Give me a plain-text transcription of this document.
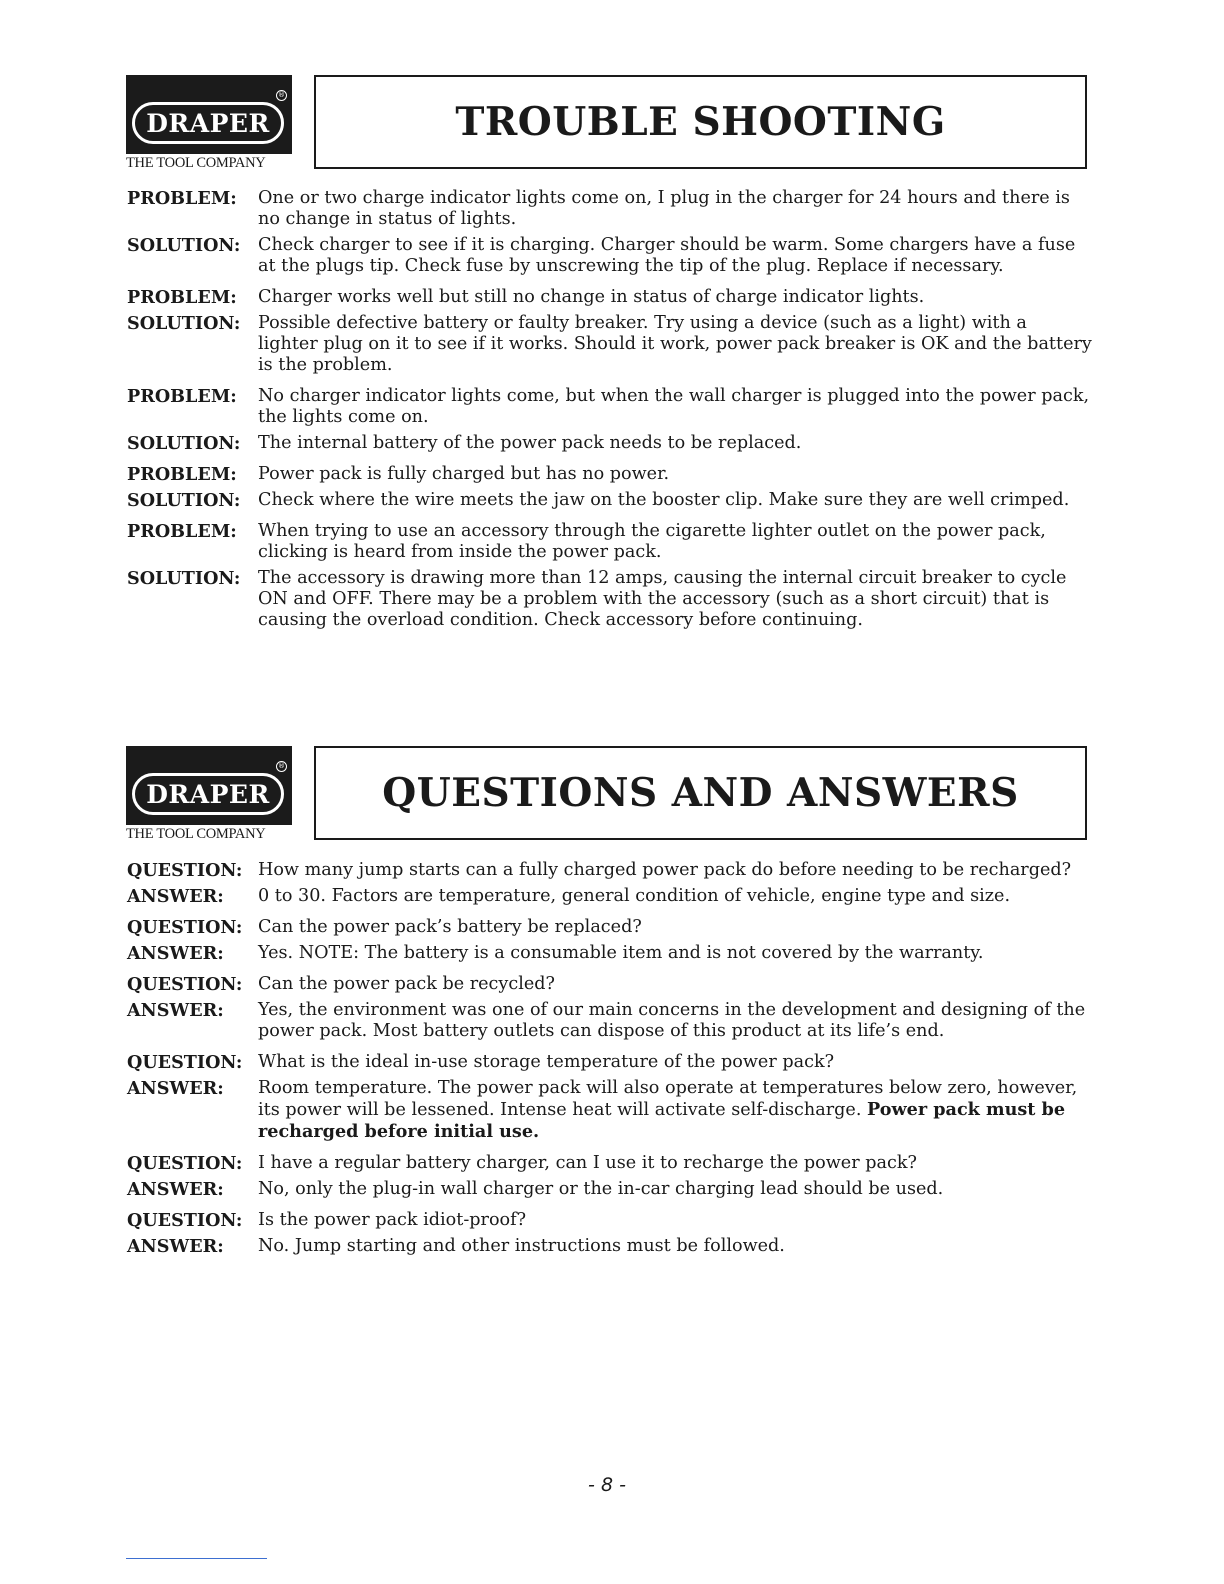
DRAPER
®
THE TOOL COMPANY
TROUBLE SHOOTING
PROBLEM:	One or two charge indicator lights come on, I plug in the charger for 24 hours and there is no change in status of lights.
SOLUTION:	Check charger to see if it is charging. Charger should be warm. Some chargers have a fuse at the plugs tip. Check fuse by unscrewing the tip of the plug. Replace if necessary.
PROBLEM:	Charger works well but still no change in status of charge indicator lights.
SOLUTION:	Possible defective battery or faulty breaker. Try using a device (such as a light) with a lighter plug on it to see if it works. Should it work, power pack breaker is OK and the battery is the problem.
PROBLEM:	No charger indicator lights come, but when the wall charger is plugged into the power pack, the lights come on.
SOLUTION:	The internal battery of the power pack needs to be replaced.
PROBLEM:	Power pack is fully charged but has no power.
SOLUTION:	Check where the wire meets the jaw on the booster clip. Make sure they are well crimped.
PROBLEM:	When trying to use an accessory through the cigarette lighter outlet on the power pack, clicking is heard from inside the power pack.
SOLUTION:	The accessory is drawing more than 12 amps, causing the internal circuit breaker to cycle ON and OFF. There may be a problem with the accessory (such as a short circuit) that is causing the overload condition. Check accessory before continuing.
DRAPER
®
THE TOOL COMPANY
QUESTIONS AND ANSWERS
QUESTION: How many jump starts can a fully charged power pack do before needing to be recharged?
ANSWER:	0 to 30. Factors are temperature, general condition of vehicle, engine type and size.
QUESTION: Can the power pack’s battery be replaced?
ANSWER:	Yes. NOTE: The battery is a consumable item and is not covered by the warranty.
QUESTION: Can the power pack be recycled?
ANSWER:	Yes, the environment was one of our main concerns in the development and designing of the power pack. Most battery outlets can dispose of this product at its life’s end.
QUESTION: What is the ideal in-use storage temperature of the power pack?
ANSWER:	Room temperature. The power pack will also operate at temperatures below zero, however, its power will be lessened. Intense heat will activate self-discharge. Power pack must be recharged before initial use.
QUESTION: I have a regular battery charger, can I use it to recharge the power pack?
ANSWER:	No, only the plug-in wall charger or the in-car charging lead should be used.
QUESTION: Is the power pack idiot-proof?
ANSWER:	No. Jump starting and other instructions must be followed.
- 8 -
